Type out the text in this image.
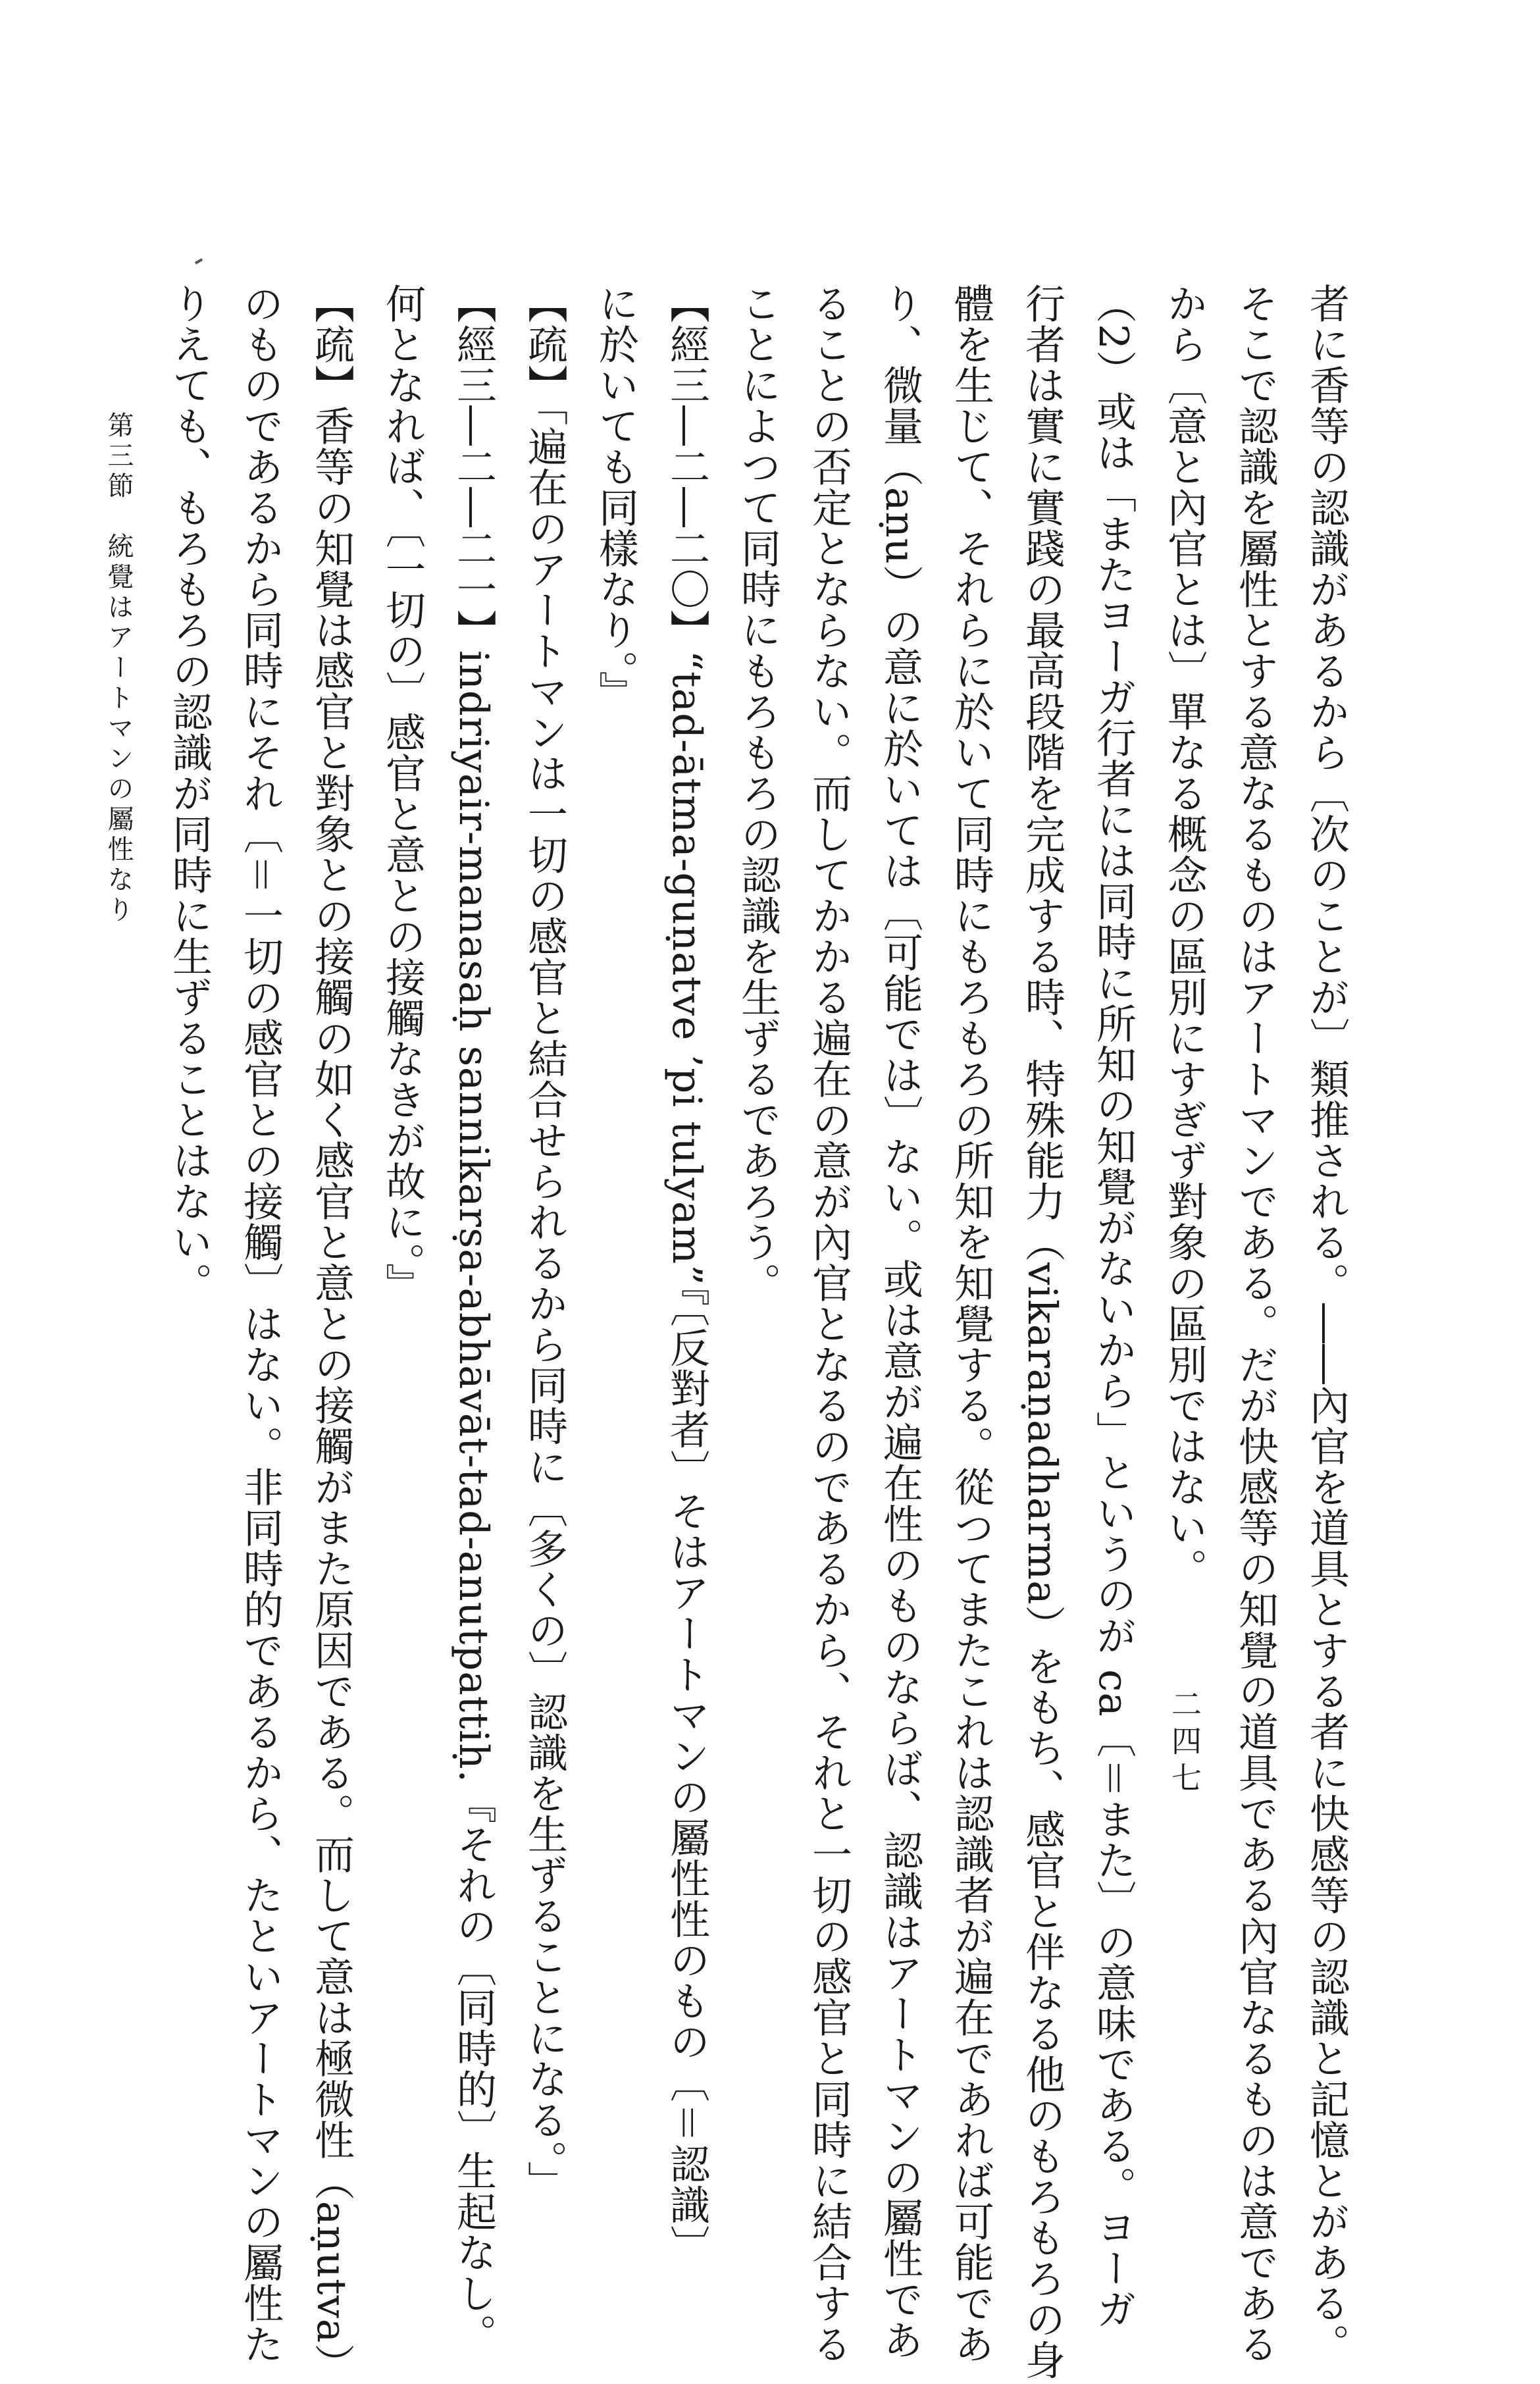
者に香等の認識があるから〔次のことが〕類推される。――內官を道具とする者に快感等の認識と記憶とがある。
そこで認識を屬性とする意なるものはアートマンである。だが快感等の知覺の道具である內官なるものは意である
から〔意と內官とは〕單なる概念の區別にすぎず對象の區別ではない。
（2）或は「またヨーガ行者には同時に所知の知覺がないから」というのが ca〔＝また〕の意味である。ヨーガ
行者は實に實踐の最高段階を完成する時、特殊能力（vikaraṇadharma）をもち、感官と伴なる他のもろもろの身
體を生じて、それらに於いて同時にもろもろの所知を知覺する。從つてまたこれは認識者が遍在であれば可能であ
り、微量（aṇu）の意に於いては〔可能では〕ない。或は意が遍在性のものならば、認識はアートマンの屬性であ
ることの否定とならない。而してかかる遍在の意が內官となるのであるから、それと一切の感官と同時に結合する
ことによつて同時にもろもろの認識を生ずるであろう。
【經三―二―二〇】“tad-ātma-guṇatve ’pi tulyam”『〔反對者〕そはアートマンの屬性性のもの〔＝認識〕
に於いても同樣なり。』
【疏】「遍在のアートマンは一切の感官と結合せられるから同時に〔多くの〕認識を生ずることになる。」
【經三―二―二一】indriyair-manasaḥ sannikarṣa-abhāvāt-tad-anutpattiḥ.『それの〔同時的〕生起なし。
何となれば、〔一切の〕感官と意との接觸なきが故に。』
【疏】香等の知覺は感官と對象との接觸の如く感官と意との接觸がまた原因である。而して意は極微性（aṇutva）
のものであるから同時にそれ〔＝一切の感官との接觸〕はない。非同時的であるから、たといアートマンの屬性た
りえても、もろもろの認識が同時に生ずることはない。
第三節　統覺はアートマンの屬性なり
二四七
